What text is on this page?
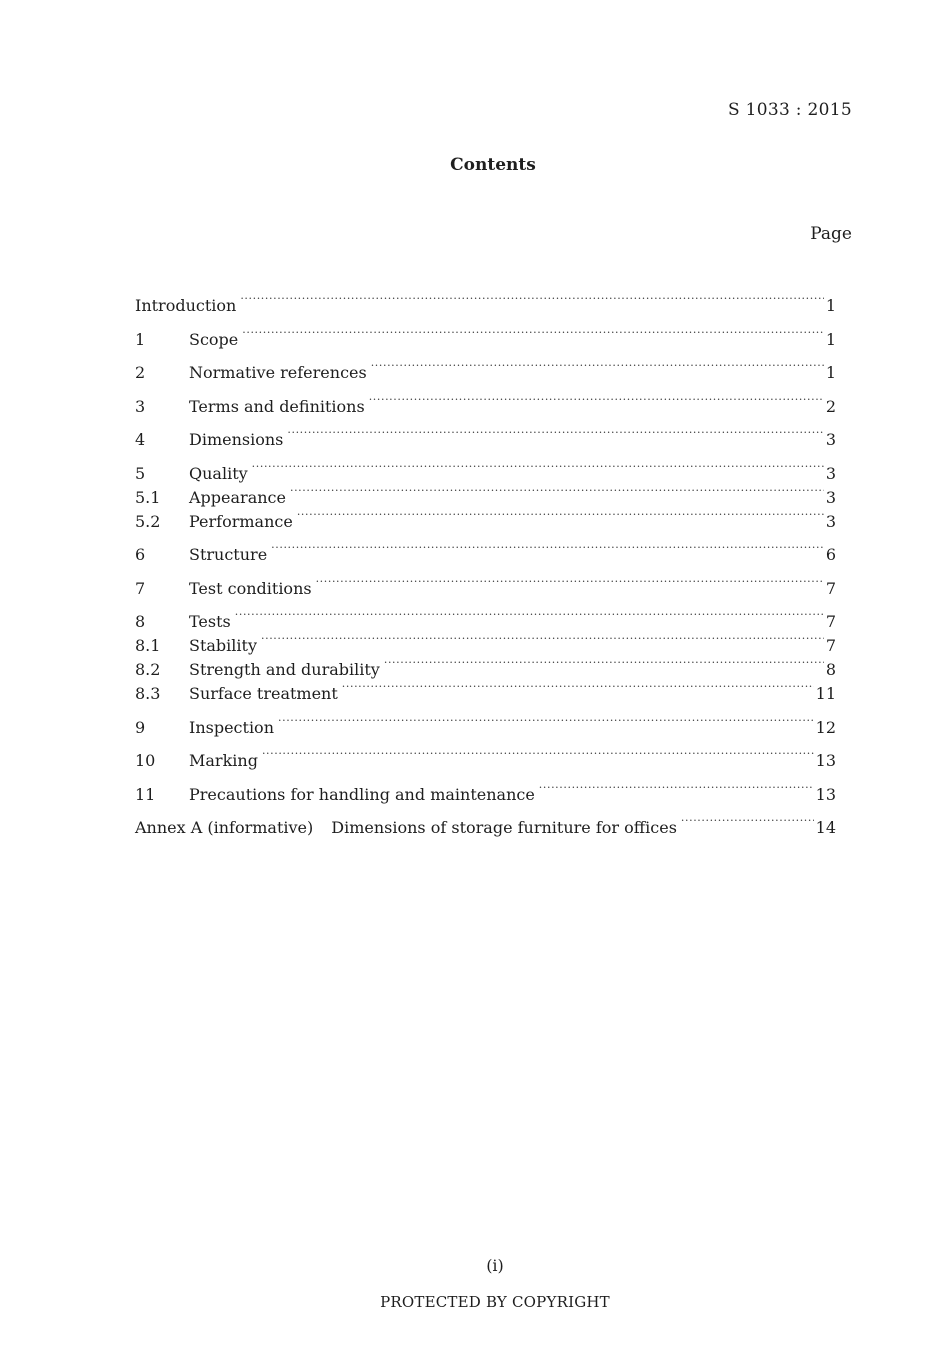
S 1033 : 2015
Contents
Page
Introduction ·····	1
1	Scope ·····	1
2	Normative references ·····	1
3	Terms and definitions ·····	2
4	Dimensions ·····	3
5	Quality ·····	3
5.1	Appearance ·····	3
5.2	Performance ·····	3
6	Structure ·····	6
7	Test conditions ·····	7
8	Tests ·····	7
8.1	Stability ·····	7
8.2	Strength and durability ·····	8
8.3	Surface treatment ·····	11
9	Inspection ·····	12
10	Marking ·····	13
11	Precautions for handling and maintenance ·····	13
Annex A (informative) Dimensions of storage furniture for offices ·····	14
(i)
PROTECTED BY COPYRIGHT
